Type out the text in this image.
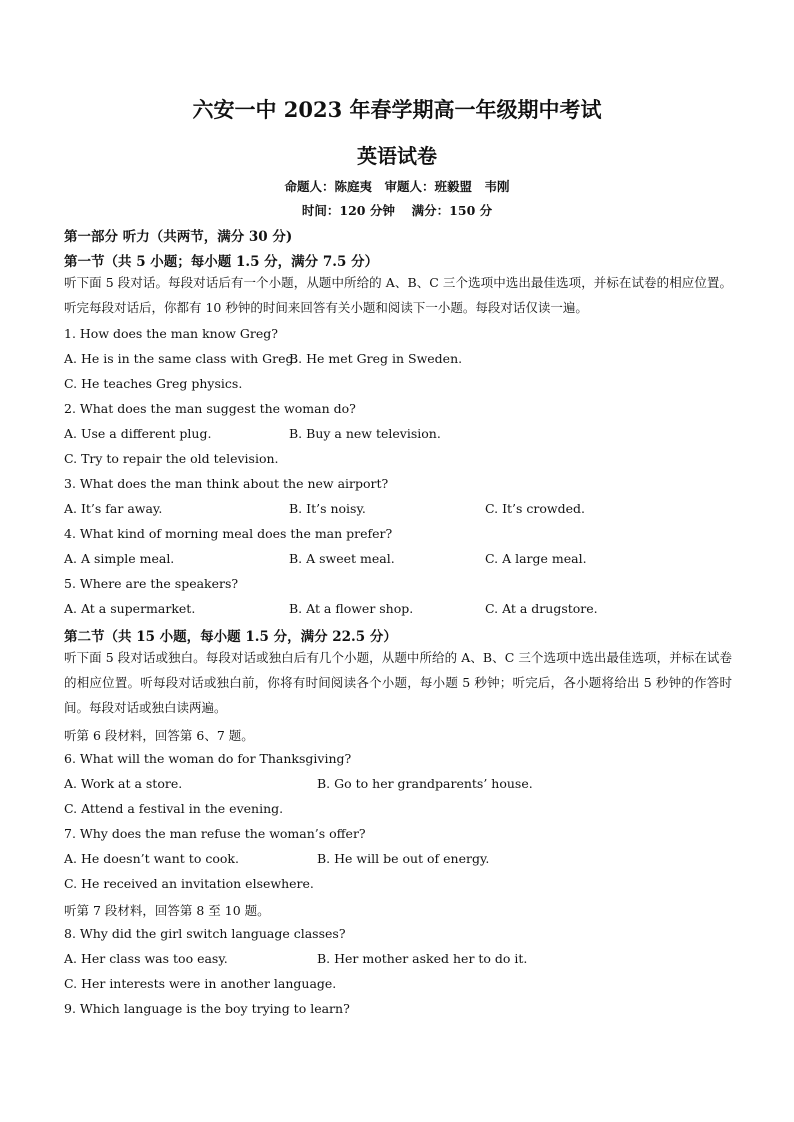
六安一中 2023 年春学期高一年级期中考试
英语试卷
命题人：陈庭夷　审题人：班毅盟　韦刚
时间：120 分钟　 满分：150 分
第一部分 听力（共两节，满分 30 分)
第一节（共 5 小题；每小题 1.5 分，满分 7.5 分）
听下面 5 段对话。每段对话后有一个小题，从题中所给的 A、B、C 三个选项中选出最佳选项，并标在试卷的相应位置。听完每段对话后，你都有 10 秒钟的时间来回答有关小题和阅读下一小题。每段对话仅读一遍。
1. How does the man know Greg?
A. He is in the same class with Greg.
B. He met Greg in Sweden.
C. He teaches Greg physics.
2. What does the man suggest the woman do?
A. Use a different plug.	B. Buy a new television.
C. Try to repair the old television.
3. What does the man think about the new airport?
A. It’s far away.	B. It’s noisy.	C. It’s crowded.
4. What kind of morning meal does the man prefer?
A. A simple meal.	B. A sweet meal.	C. A large meal.
5. Where are the speakers?
A. At a supermarket.	B. At a flower shop.	C. At a drugstore.
第二节（共 15 小题，每小题 1.5 分，满分 22.5 分）
听下面 5 段对话或独白。每段对话或独白后有几个小题，从题中所给的 A、B、C 三个选项中选出最佳选项，并标在试卷的相应位置。听每段对话或独白前，你将有时间阅读各个小题，每小题 5 秒钟；听完后，各小题将给出 5 秒钟的作答时间。每段对话或独白读两遍。
听第 6 段材料，回答第 6、7 题。
6. What will the woman do for Thanksgiving?
A. Work at a store.	B. Go to her grandparents’ house.
C. Attend a festival in the evening.
7. Why does the man refuse the woman’s offer?
A. He doesn’t want to cook.	B. He will be out of energy.
C. He received an invitation elsewhere.
听第 7 段材料，回答第 8 至 10 题。
8. Why did the girl switch language classes?
A. Her class was too easy.	B. Her mother asked her to do it.
C. Her interests were in another language.
9. Which language is the boy trying to learn?
